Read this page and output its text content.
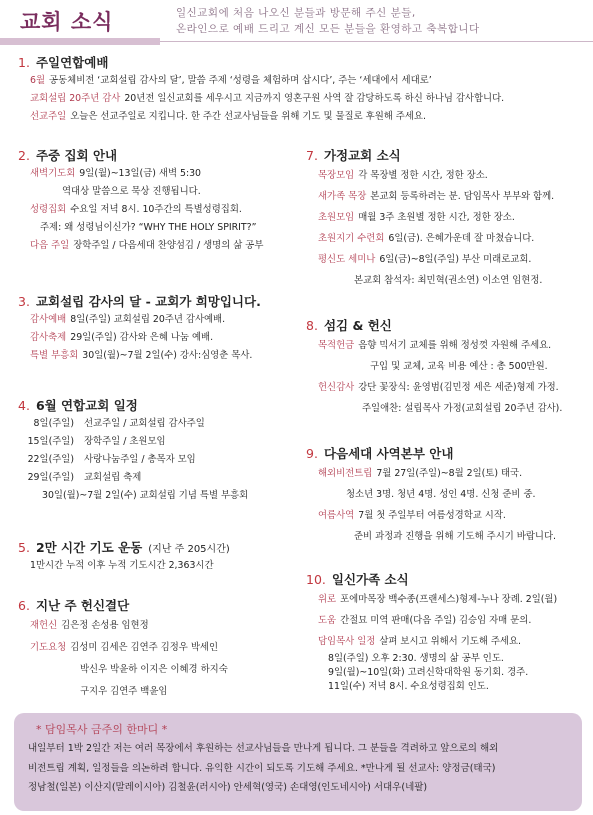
교회 소식	일신교회에 처음 나오신 분들과 방문해 주신 분들,
온라인으로 예배 드리고 계신 모든 분들을 환영하고 축복합니다
1. 주일연합예배
6월 공동체비전 ‘교회설립 감사의 달’, 말씀 주제 ‘성령을 체험하며 삽시다’, 주는 ‘세대에서 세대로’
교회설립 20주년 감사 20년전 일신교회를 세우시고 지금까지 영혼구원 사역 잘 감당하도록 하신 하나님 감사합니다.
선교주일 오늘은 선교주일로 지킵니다. 한 주간 선교사님들을 위해 기도 및 물질로 후원해 주세요.
2. 주중 집회 안내
새벽기도회 9일(월)~13일(금) 새벽 5:30
역대상 말씀으로 묵상 진행됩니다.
성령집회 수요일 저녁 8시. 10주간의 특별성령집회.
주제: 왜 성령님이신가? “WHY THE HOLY SPIRIT?”
다음 주일 장학주일 / 다음세대 찬양섬김 / 생명의 삶 공부
3. 교회설립 감사의 달 - 교회가 희망입니다.
감사예배 8일(주일) 교회설립 20주년 감사예배.
감사축제 29일(주일) 감사와 은혜 나눔 예배.
특별 부흥회 30일(월)~7월 2일(수) 강사:심영춘 목사.
4. 6월 연합교회 일정
8일(주일) 선교주일 / 교회설립 감사주일
15일(주일) 장학주일 / 초원모임
22일(주일) 사랑나눔주일 / 총목자 모임
29일(주일) 교회설립 축제
30일(월)~7월 2일(수) 교회설립 기념 특별 부흥회
5. 2만 시간 기도 운동 (지난 주 205시간)
1만시간 누적 이후 누적 기도시간 2,363시간
6. 지난 주 헌신결단
재헌신 김은정 손성용 임현정
기도요청 김성미 김세은 김연주 김정우 박세인
박신우 박윤하 이지은 이혜경 하지숙
구지우 김연주 백윤임
7. 가정교회 소식
목장모임 각 목장별 정한 시간, 정한 장소.
새가족 목장 본교회 등록하려는 분. 담임목사 부부와 함께.
초원모임 매월 3주 초원별 정한 시간, 정한 장소.
초원지기 수련회 6일(금). 은혜가운데 잘 마쳤습니다.
평신도 세미나 6일(금)~8일(주일) 부산 미래로교회.
본교회 참석자: 최민혁(권소연) 이소연 임현정.
8. 섬김 & 헌신
목적헌금 음향 믹서기 교체를 위해 정성껏 자원해 주세요.
구입 및 교체, 교육 비용 예산 : 총 500만원.
헌신감사 강단 꽃장식: 윤영범(김민정 세은 세준)형제 가정.
주일애찬: 설립목사 가정(교회설립 20주년 감사).
9. 다음세대 사역본부 안내
해외비전트립 7월 27일(주일)~8월 2일(토) 태국.
청소년 3명. 청년 4명. 성인 4명. 신청 준비 중.
여름사역 7월 첫 주일부터 여름성경학교 시작.
준비 과정과 진행을 위해 기도해 주시기 바랍니다.
10. 일신가족 소식
위로 포에마목장 백수종(프랜세스)형제-누나 장례. 2일(월)
도움 간절묘 미역 판매(다음 주일) 김승임 자매 문의.
담임목사 일정 살펴 보시고 위해서 기도해 주세요.
8일(주일) 오후 2:30. 생명의 삶 공부 인도.
9일(월)~10일(화) 고려신학대학원 동기회. 경주.
11일(수) 저녁 8시. 수요성령집회 인도.
* 담임목사 금주의 한마디 *
내일부터 1박 2일간 저는 여러 목장에서 후원하는 선교사님들을 만나게 됩니다. 그 분들을 격려하고 앞으로의 해외
비전트립 계획, 일정들을 의논하려 합니다. 유익한 시간이 되도록 기도해 주세요. *만나게 될 선교사: 양정금(태국)
정남철(일본) 이산지(말레이시아) 김철윤(러시아) 안세혁(영국) 손대영(인도네시아) 서대우(네팔)
